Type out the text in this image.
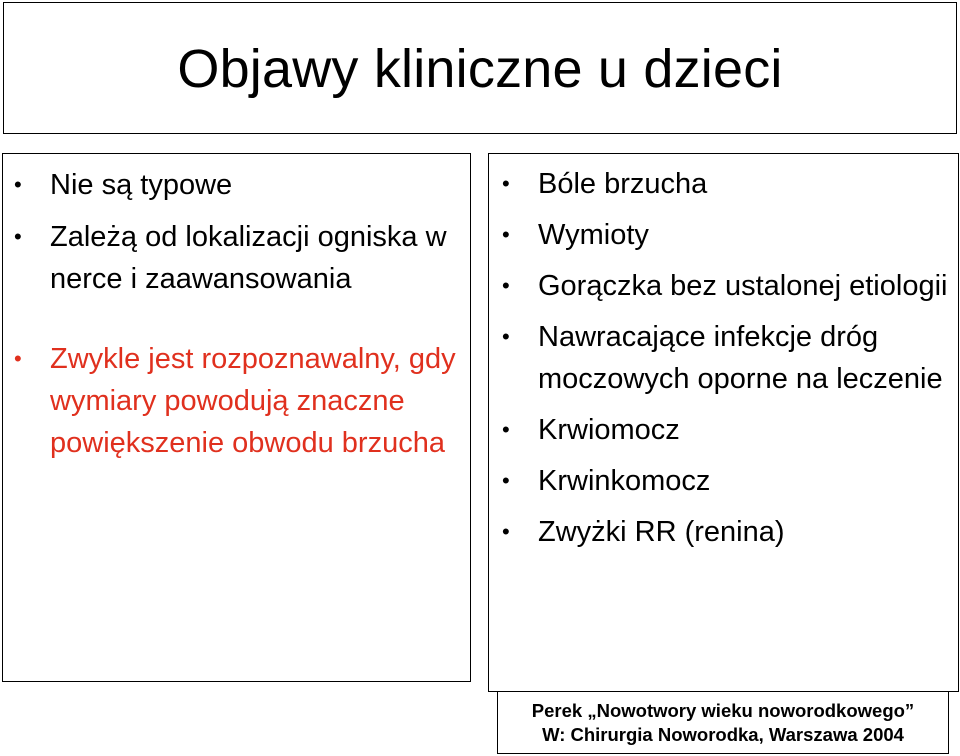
Objawy kliniczne u dzieci
• Nie są typowe
• Zależą od lokalizacji ogniska w nerce i zaawansowania
• Zwykle jest rozpoznawalny, gdy wymiary powodują znaczne powiększenie obwodu brzucha
• Bóle brzucha
• Wymioty
• Gorączka bez ustalonej etiologii
• Nawracające infekcje dróg moczowych oporne na leczenie
• Krwiomocz
• Krwinkomocz
• Zwyżki RR (renina)
Perek „Nowotwory wieku noworodkowego”
W: Chirurgia Noworodka, Warszawa 2004
